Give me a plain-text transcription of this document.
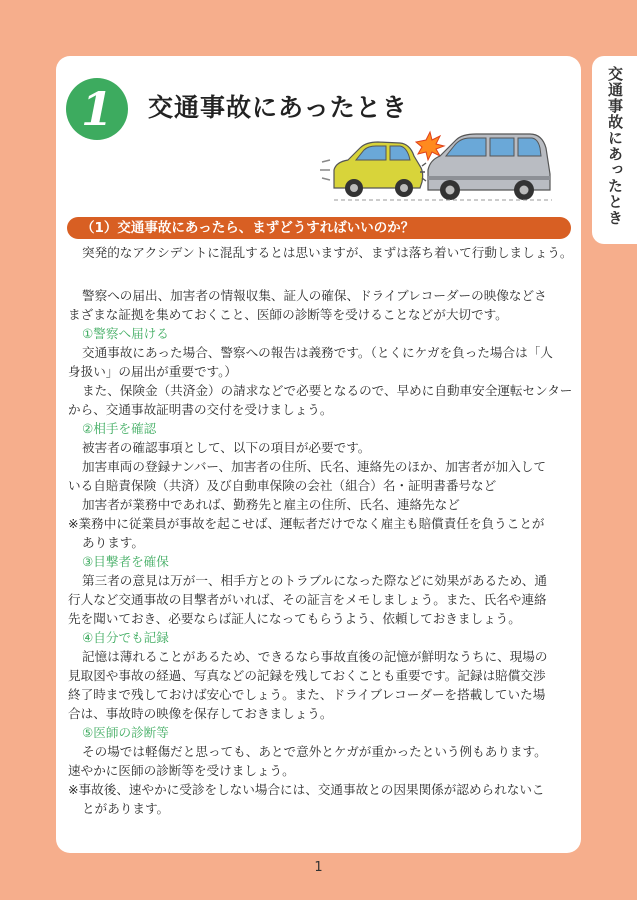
交通事故にあったとき
1	交通事故にあったとき
（1）交通事故にあったら、まずどうすればいいのか？
突発的なアクシデントに混乱するとは思いますが、まずは落ち着いて行動しましょう。
警察への届出、加害者の情報収集、証人の確保、ドライブレコーダーの映像などさ
まざまな証拠を集めておくこと、医師の診断等を受けることなどが大切です。
①警察へ届ける
交通事故にあった場合、警察への報告は義務です。（とくにケガを負った場合は「人
身扱い」の届出が重要です。）
また、保険金（共済金）の請求などで必要となるので、早めに自動車安全運転センター
から、交通事故証明書の交付を受けましょう。
②相手を確認
被害者の確認事項として、以下の項目が必要です。
加害車両の登録ナンバー、加害者の住所、氏名、連絡先のほか、加害者が加入して
いる自賠責保険（共済）及び自動車保険の会社（組合）名・証明書番号など
加害者が業務中であれば、勤務先と雇主の住所、氏名、連絡先など
※業務中に従業員が事故を起こせば、運転者だけでなく雇主も賠償責任を負うことが
あります。
③目撃者を確保
第三者の意見は万が一、相手方とのトラブルになった際などに効果があるため、通
行人など交通事故の目撃者がいれば、その証言をメモしましょう。また、氏名や連絡
先を聞いておき、必要ならば証人になってもらうよう、依頼しておきましょう。
④自分でも記録
記憶は薄れることがあるため、できるなら事故直後の記憶が鮮明なうちに、現場の
見取図や事故の経過、写真などの記録を残しておくことも重要です。記録は賠償交渉
終了時まで残しておけば安心でしょう。また、ドライブレコーダーを搭載していた場
合は、事故時の映像を保存しておきましょう。
⑤医師の診断等
その場では軽傷だと思っても、あとで意外とケガが重かったという例もあります。
速やかに医師の診断等を受けましょう。
※事故後、速やかに受診をしない場合には、交通事故との因果関係が認められないこ
とがあります。
1
